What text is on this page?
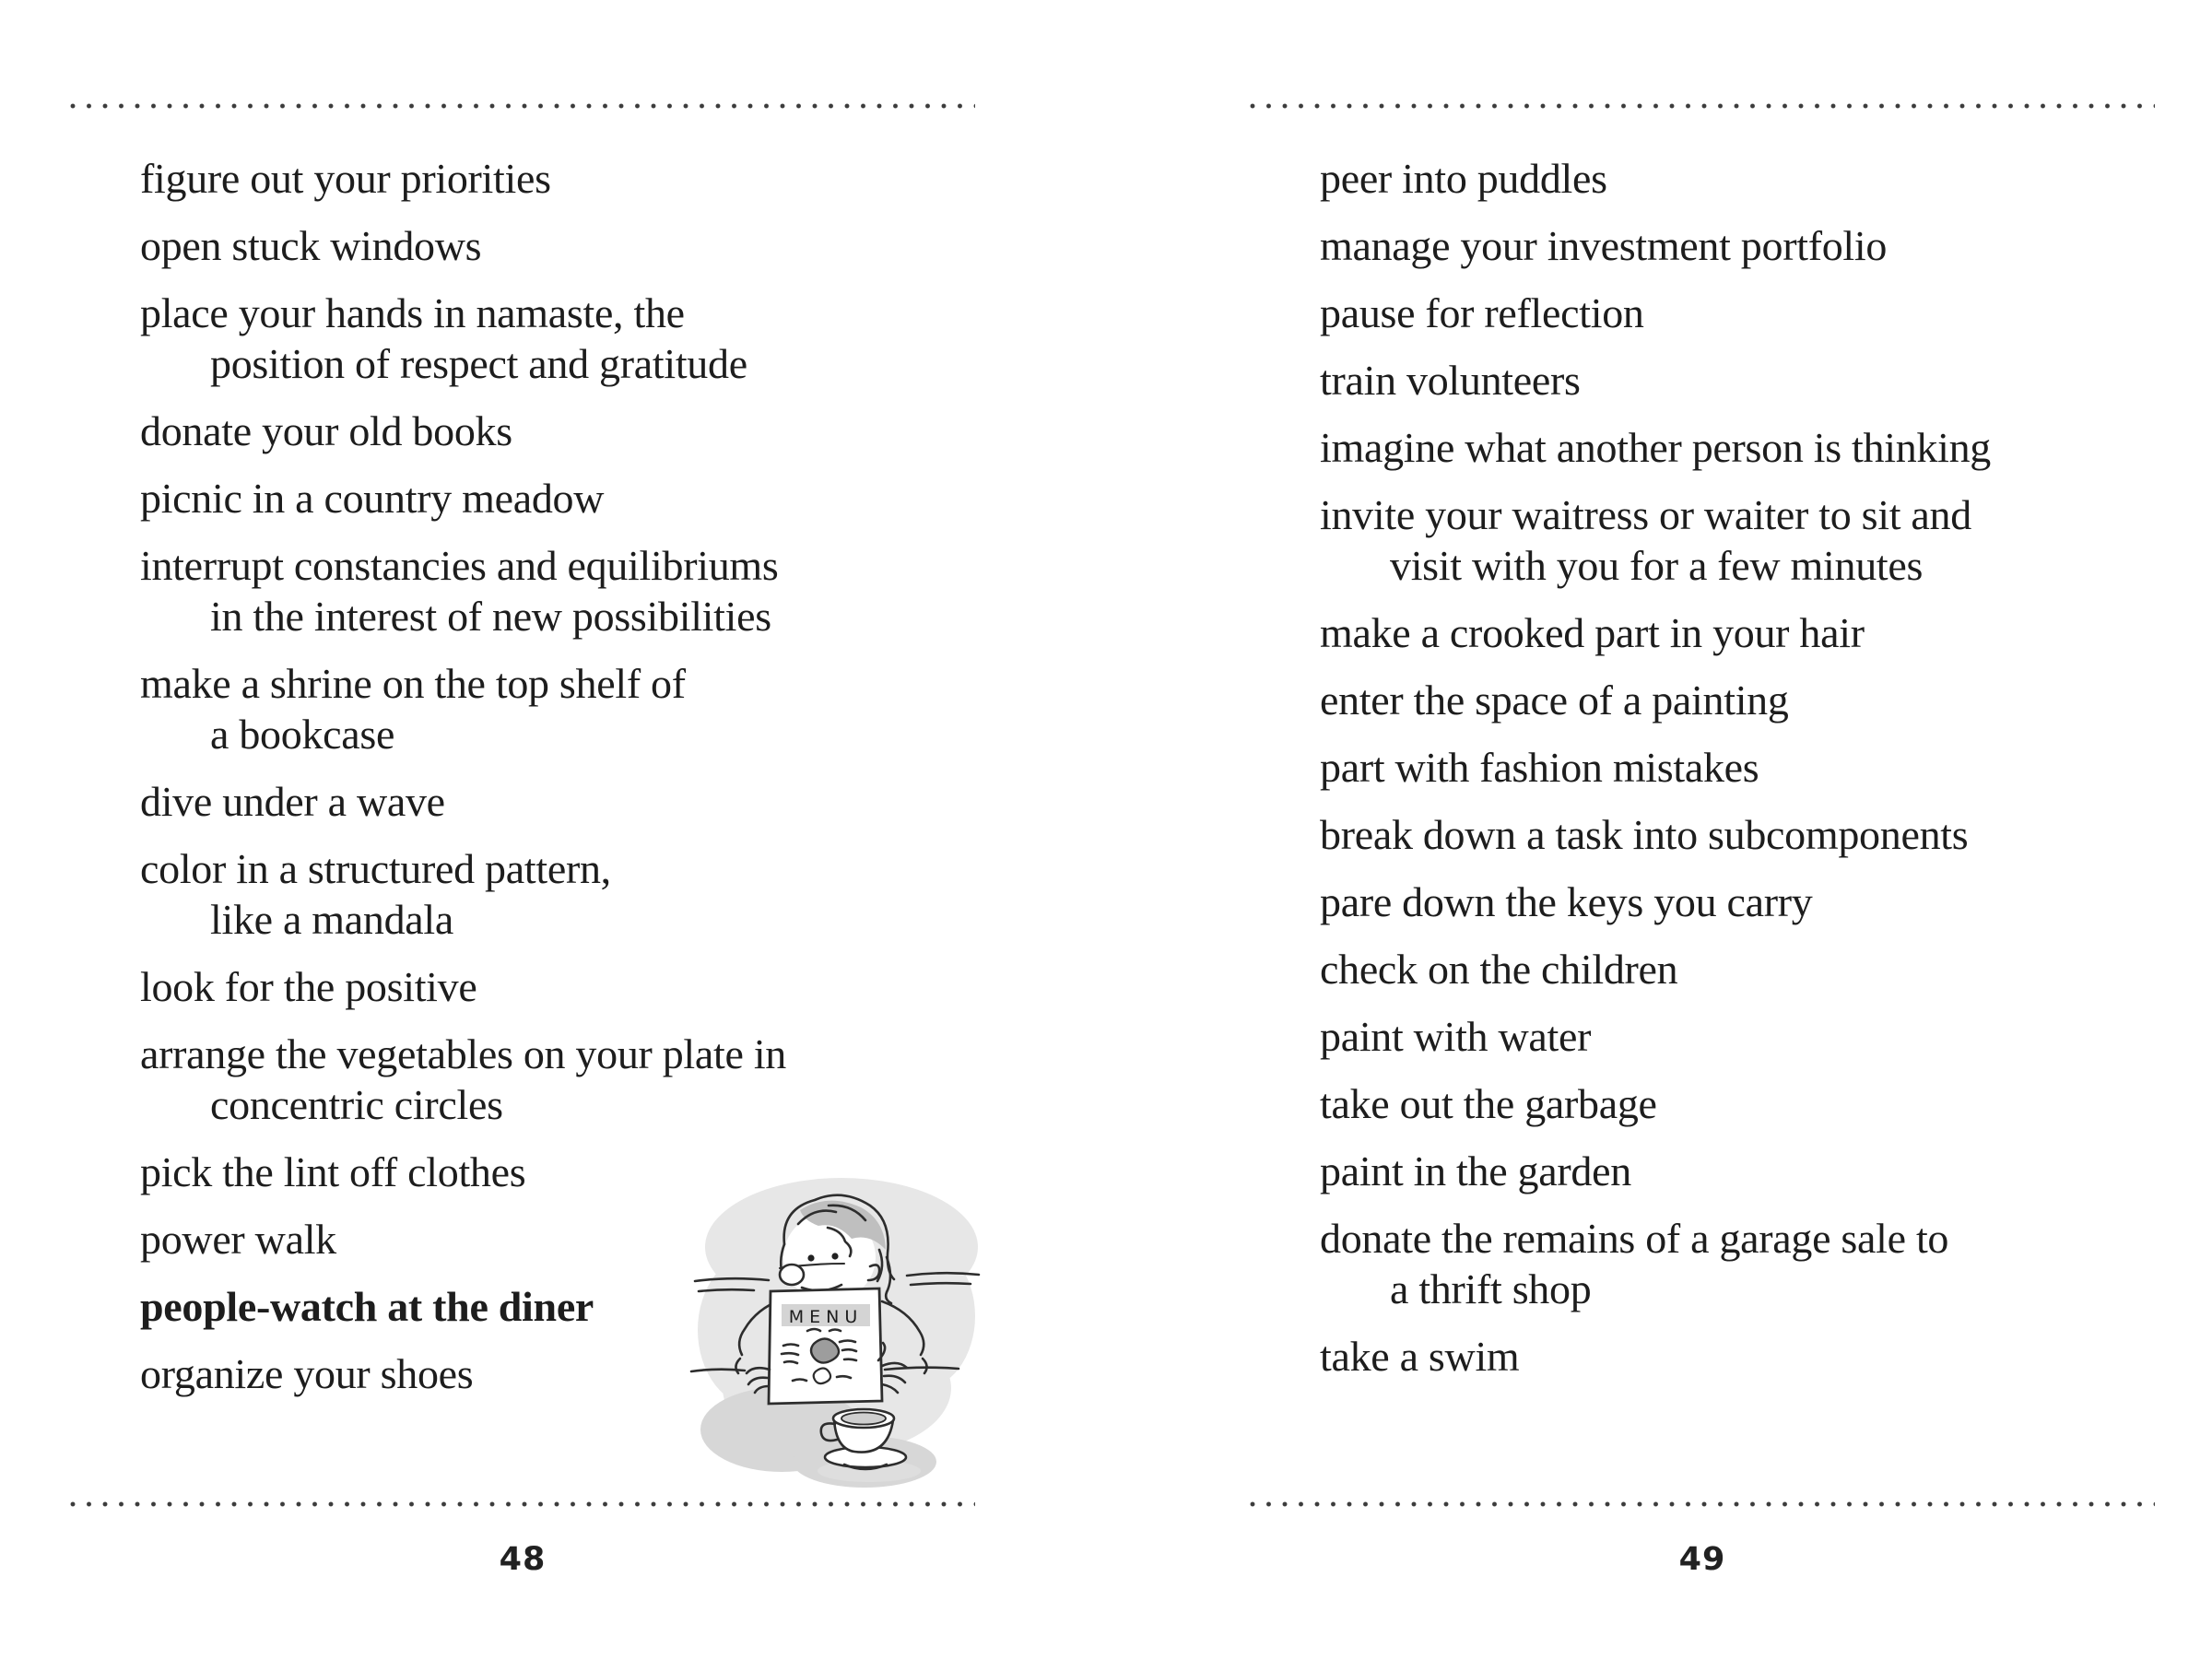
figure out your priorities
open stuck windows
place your hands in namaste, the
position of respect and gratitude
donate your old books
picnic in a country meadow
interrupt constancies and equilibriums
in the interest of new possibilities
make a shrine on the top shelf of
a bookcase
dive under a wave
color in a structured pattern,
like a mandala
look for the positive
arrange the vegetables on your plate in
concentric circles
pick the lint off clothes
power walk
people-watch at the diner
organize your shoes
48
peer into puddles
manage your investment portfolio
pause for reflection
train volunteers
imagine what another person is thinking
invite your waitress or waiter to sit and
visit with you for a few minutes
make a crooked part in your hair
enter the space of a painting
part with fashion mistakes
break down a task into subcomponents
pare down the keys you carry
check on the children
paint with water
take out the garbage
paint in the garden
donate the remains of a garage sale to
a thrift shop
take a swim
49
MENU
